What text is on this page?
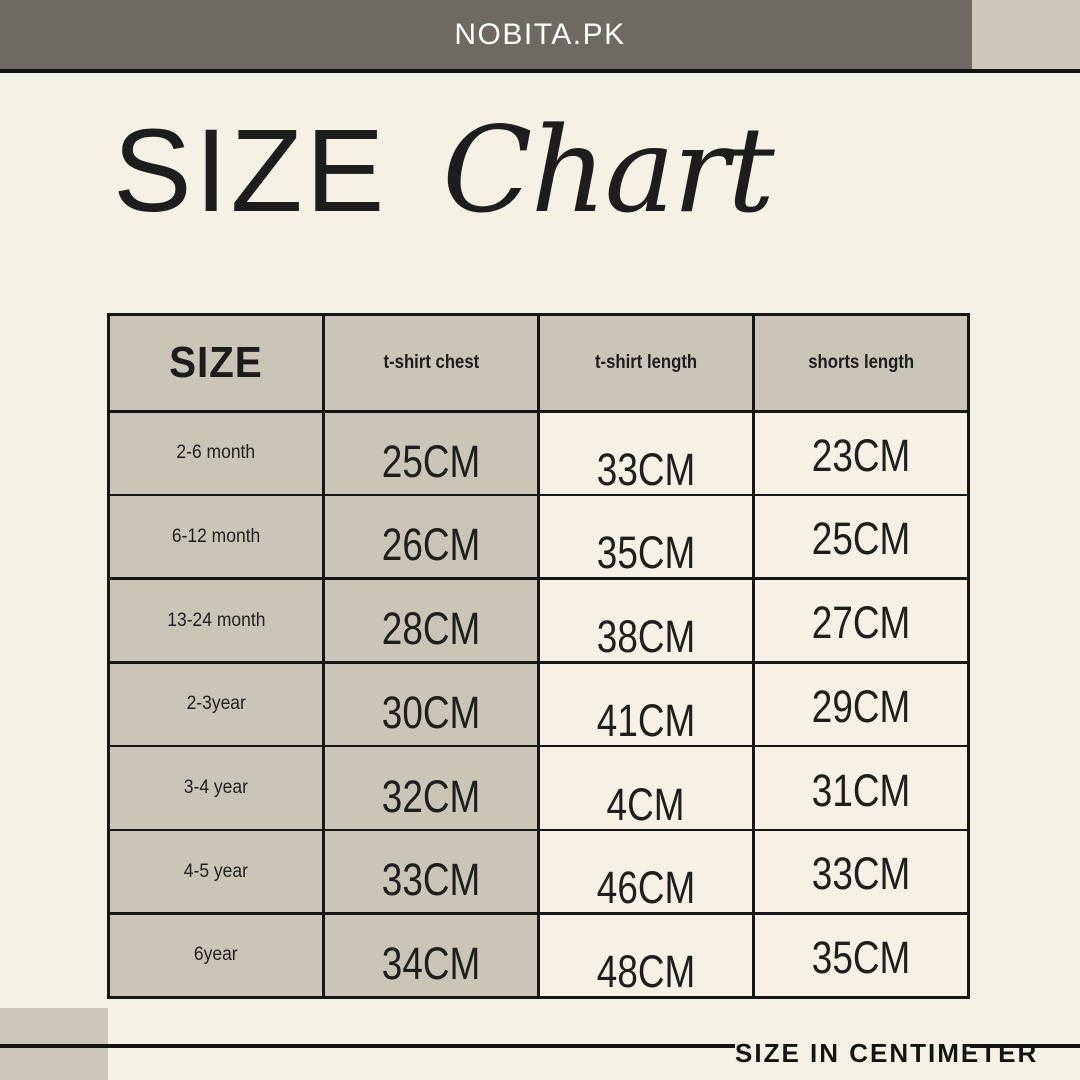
NOBITA.PK
SIZE Chart
SIZE	t-shirt chest	t-shirt length	shorts length
2-6 month	25CM	33CM	23CM
6-12 month	26CM	35CM	25CM
13-24 month	28CM	38CM	27CM
2-3year	30CM	41CM	29CM
3-4 year	32CM	4CM	31CM
4-5 year	33CM	46CM	33CM
6year	34CM	48CM	35CM
SIZE IN CENTIMETER
